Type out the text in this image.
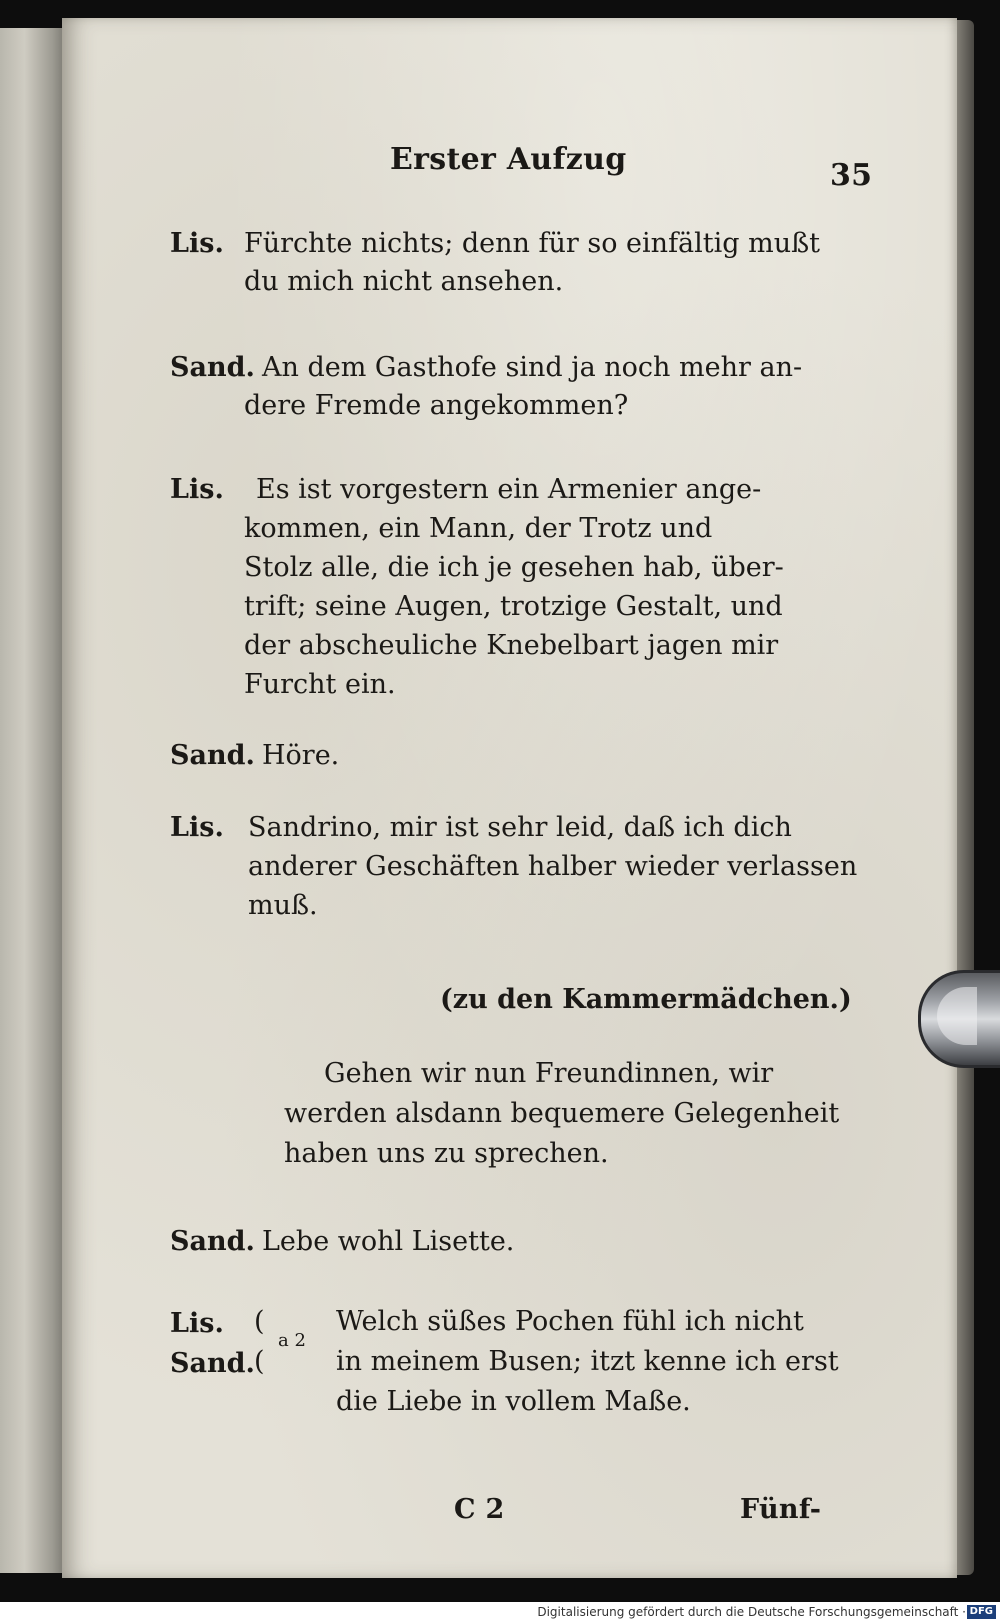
Erster Aufzug	35
Lis. Fürchte nichts; denn für so einfältig mußt
du mich nicht ansehen.
Sand. An dem Gasthofe sind ja noch mehr an-
dere Fremde angekommen?
Lis. Es ist vorgestern ein Armenier ange-
kommen, ein Mann, der Trotz und
Stolz alle, die ich je gesehen hab, über-
trift; seine Augen, trotzige Gestalt, und
der abscheuliche Knebelbart jagen mir
Furcht ein.
Sand. Höre.
Lis. Sandrino, mir ist sehr leid, daß ich dich
anderer Geschäften halber wieder verlassen
muß.
(zu den Kammermädchen.)
Gehen wir nun Freundinnen, wir
werden alsdann bequemere Gelegenheit
haben uns zu sprechen.
Sand. Lebe wohl Lisette.
Lis.
Sand.
(
(
a 2
Welch süßes Pochen fühl ich nicht
in meinem Busen; itzt kenne ich erst
die Liebe in vollem Maße.
C 2	Fünf-
Digitalisierung gefördert durch die Deutsche Forschungsgemeinschaft · DFG
